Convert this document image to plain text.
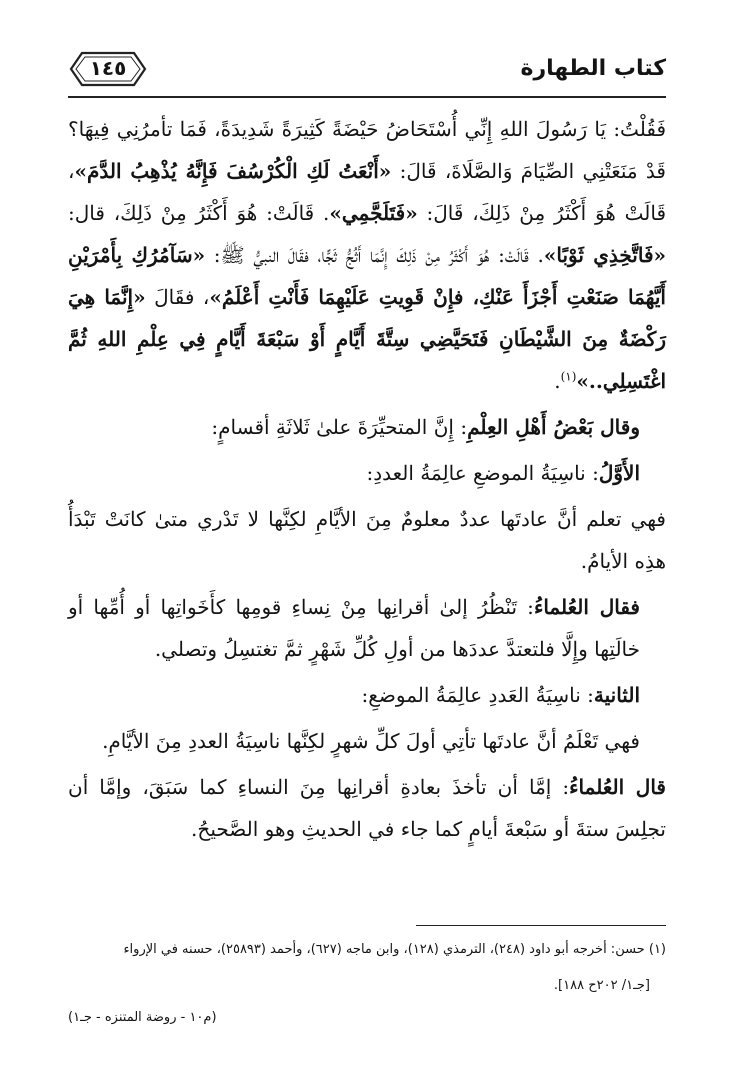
كتاب الطهارة
١٤٥

فَقُلْتُ: يَا رَسُولَ اللهِ إِنِّي أُسْتَحَاضُ حَيْضَةً كَثِيرَةً شَدِيدَةً، فَمَا تأمرُنِي فِيهَا؟ قَدْ مَنَعَتْنِي الصِّيَامَ وَالصَّلَاةَ، قَالَ: «أَنْعَتُ لَكِ الْكُرْسُفَ فَإِنَّهُ يُذْهِبُ الدَّمَ»، قَالَتْ هُوَ أَكْثَرُ مِنْ ذَلِكَ، قَالَ: «فَتَلَجَّمِي». قَالَتْ: هُوَ أَكْثَرُ مِنْ ذَلِكَ، قال: «فَاتَّخِذِي ثَوْبًا». قَالَتْ: هُوَ أَكْثَرُ مِنْ ذَلِكَ إِنَّمَا أَثُجُّ ثَجًّا، فقَالَ النبيُّ ﷺ: «سَآمُرُكِ بِأَمْرَيْنِ أَيَّهُمَا صَنَعْتِ أَجْزَأَ عَنْكِ، فإِنْ قَوِيتِ عَلَيْهِمَا فَأَنْتِ أَعْلَمُ»، فقَالَ «إِنَّمَا هِيَ رَكْضَةٌ مِنَ الشَّيْطَانِ فَتَحَيَّضِي سِتَّةَ أَيَّامٍ أَوْ سَبْعَةَ أَيَّامٍ فِي عِلْمِ اللهِ ثُمَّ اغْتَسِلِي..»$^{(١)}$.

وقال بَعْضُ أَهْلِ العِلْمِ: إِنَّ المتحيِّرَةَ علىٰ ثَلاثَةِ أقسامٍ:

الأَوَّلُ: ناسِيَةُ الموضعِ عالِمَةُ العددِ:

فهي تعلم أنَّ عادتَها عددٌ معلومٌ مِنَ الأيَّامِ لكِنَّها لا تَدْري متىٰ كانَتْ تَبْدَأُ هذِه الأيامُ.

فقال العُلماءُ: تَنْظُرُ إلىٰ أقرانِها مِنْ نِساءِ قومِها كأَخَواتِها أو أُمِّها أو خالَتِها وإِلَّا فلتعتدَّ عددَها من أولِ كُلِّ شَهْرٍ ثمَّ تغتسِلُ وتصلي.

الثانية: ناسِيَةُ العَددِ عالِمَةُ الموضعِ:

فهي تَعْلَمُ أنَّ عادتَها تأتِي أولَ كلِّ شهرٍ لكِنَّها ناسِيَةُ العددِ مِنَ الأيَّامِ.

قال العُلماءُ: إمَّا أن تأخذَ بعادةِ أقرانِها مِنَ النساءِ كما سَبَقَ، وإمَّا أن تجلِسَ ستةَ أو سَبْعةَ أيامٍ كما جاء في الحديثِ وهو الصَّحيحُ.

(١) حسن: أخرجه أبو داود (٢٤٨)، الترمذي (١٢٨)، وابن ماجه (٦٢٧)، وأحمد (٢٥٨٩٣)، حسنه في الإرواء

[جـ١/ ٢٠٢ح ١٨٨].

(م١٠ - روضة المتنزه - جـ١)
